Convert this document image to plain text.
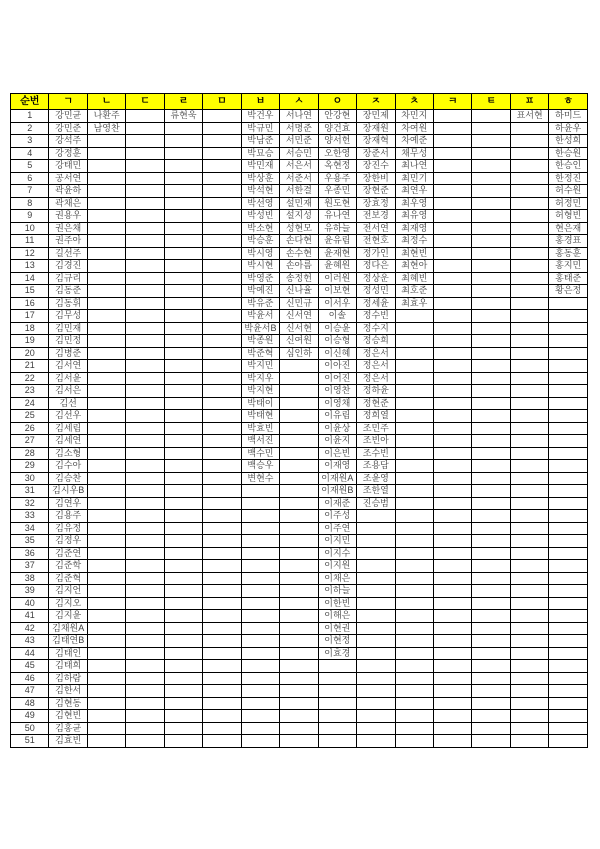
순번	ㄱ	ㄴ	ㄷ	ㄹ	ㅁ	ㅂ	ㅅ	ㅇ	ㅈ	ㅊ	ㅋ	ㅌ	ㅍ	ㅎ
1	강민균	나환주		류현욱		박건우	서나연	안강현	장민제	차민지			표서현	하미드
2	강민준	남영찬				박규민	서명준	양건효	장재원	차여원				하윤우
3	강석주					박남준	서민준	양서헌	장재혁	차예준				한성희
4	강정훈					박묘승	서승민	오한영	장준서	채무성				한승원
5	강태민					박민재	서은서	옥현정	장진수	최나연				한승인
6	공서연					박상훈	서준서	우용주	장한비	최민기				한정진
7	곽윤하					박석현	서한결	우종민	장현준	최연우				허수원
8	곽채은					박선영	설민재	원도현	장효정	최우영				허정민
9	권용우					박성빈	설지성	유나연	전보경	최유영				허형빈
10	권은채					박소현	성현모	유하늘	전서연	최재영				현은재
11	권주아					박승훈	손다현	윤유림	전현호	최정수				홍경표
12	길선주					박시영	손수현	윤재현	정가인	최현빈				홍동훈
13	김경진					박시현	손아름	윤혜원	정다은	최현아				홍지민
14	김규리					박영준	송정헌	이러원	정상운	최혜빈				홍태준
15	김동준					박예진	신나율	이보현	정성민	최호준				황은정
16	김동휘					박유준	신민규	이서우	정세윤	최효우				
17	김무성					박윤서	신서연	이솔	정수빈					
18	김민재					박윤서B	신서현	이승윤	정수지					
19	김민정					박종원	신여원	이승형	정승희					
20	김병준					박준혁	심인하	이신혜	정은서					
21	김서연					박지민		이아진	정은서					
22	김서윤					박지우		이어진	정은서					
23	김서은					박지현		이영찬	정하윤					
24	김선					박태이		이영채	정현준					
25	김선우					박태현		이유림	정희열					
26	김세림					박효빈		이윤상	조민주					
27	김세연					백서진		이윤지	조빈아					
28	김소형					백수민		이은빈	조수빈					
29	김수아					백승우		이재영	조용담					
30	김승찬					변현수		이재원A	조윤영					
31	김시우B							이재원B	조한열					
32	김연우							이재준	진승범					
33	김용주							이주성						
34	김유정							이주연						
35	김정우							이지민						
36	김준연							이지수						
37	김준학							이지원						
38	김준혁							이채은						
39	김지언							이하늘						
40	김지오							이한빈						
41	김지윤							이해은						
42	김채원A							이현권						
43	김태연B							이현정						
44	김태인							이효경						
45	김태희													
46	김하람													
47	김한서													
48	김현동													
49	김현빈													
50	김홍균													
51	김효빈													
